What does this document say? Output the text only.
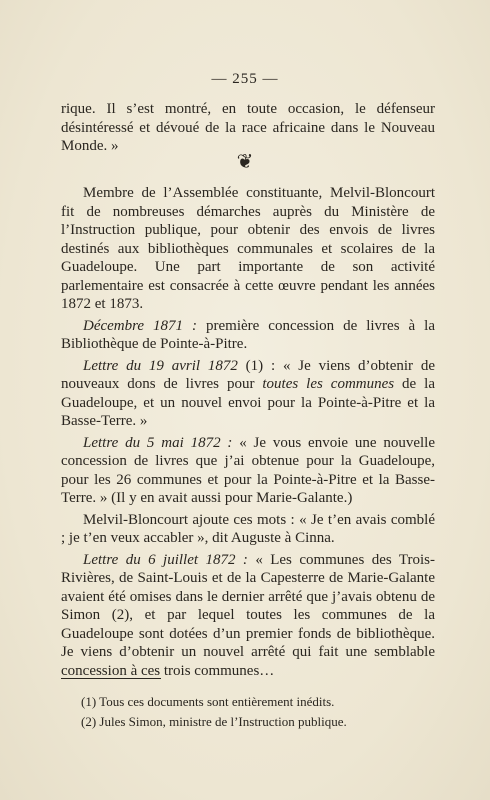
— 255 —

rique. Il s’est montré, en toute occasion, le défenseur désintéressé et dévoué de la race africaine dans le Nouveau Monde. »

❦

Membre de l’Assemblée constituante, Melvil-Bloncourt fit de nombreuses démarches auprès du Ministère de l’Instruction publique, pour obtenir des envois de livres destinés aux bibliothèques communales et scolaires de la Guadeloupe. Une part importante de son activité parlementaire est consacrée à cette œuvre pendant les années 1872 et 1873.

Décembre 1871 : première concession de livres à la Bibliothèque de Pointe-à-Pitre.

Lettre du 19 avril 1872 (1) : « Je viens d’obtenir de nouveaux dons de livres pour toutes les communes de la Guadeloupe, et un nouvel envoi pour la Pointe-à-Pitre et la Basse-Terre. »

Lettre du 5 mai 1872 : « Je vous envoie une nouvelle concession de livres que j’ai obtenue pour la Guadeloupe, pour les 26 communes et pour la Pointe-à-Pitre et la Basse-Terre. » (Il y en avait aussi pour Marie-Galante.)

Melvil-Bloncourt ajoute ces mots : « Je t’en avais comblé ; je t’en veux accabler », dit Auguste à Cinna.

Lettre du 6 juillet 1872 : « Les communes des Trois-Rivières, de Saint-Louis et de la Capesterre de Marie-Galante avaient été omises dans le dernier arrêté que j’avais obtenu de Simon (2), et par lequel toutes les communes de la Guadeloupe sont dotées d’un premier fonds de bibliothèque. Je viens d’obtenir un nouvel arrêté qui fait une semblable concession à ces trois communes…

(1) Tous ces documents sont entièrement inédits.

(2) Jules Simon, ministre de l’Instruction publique.
